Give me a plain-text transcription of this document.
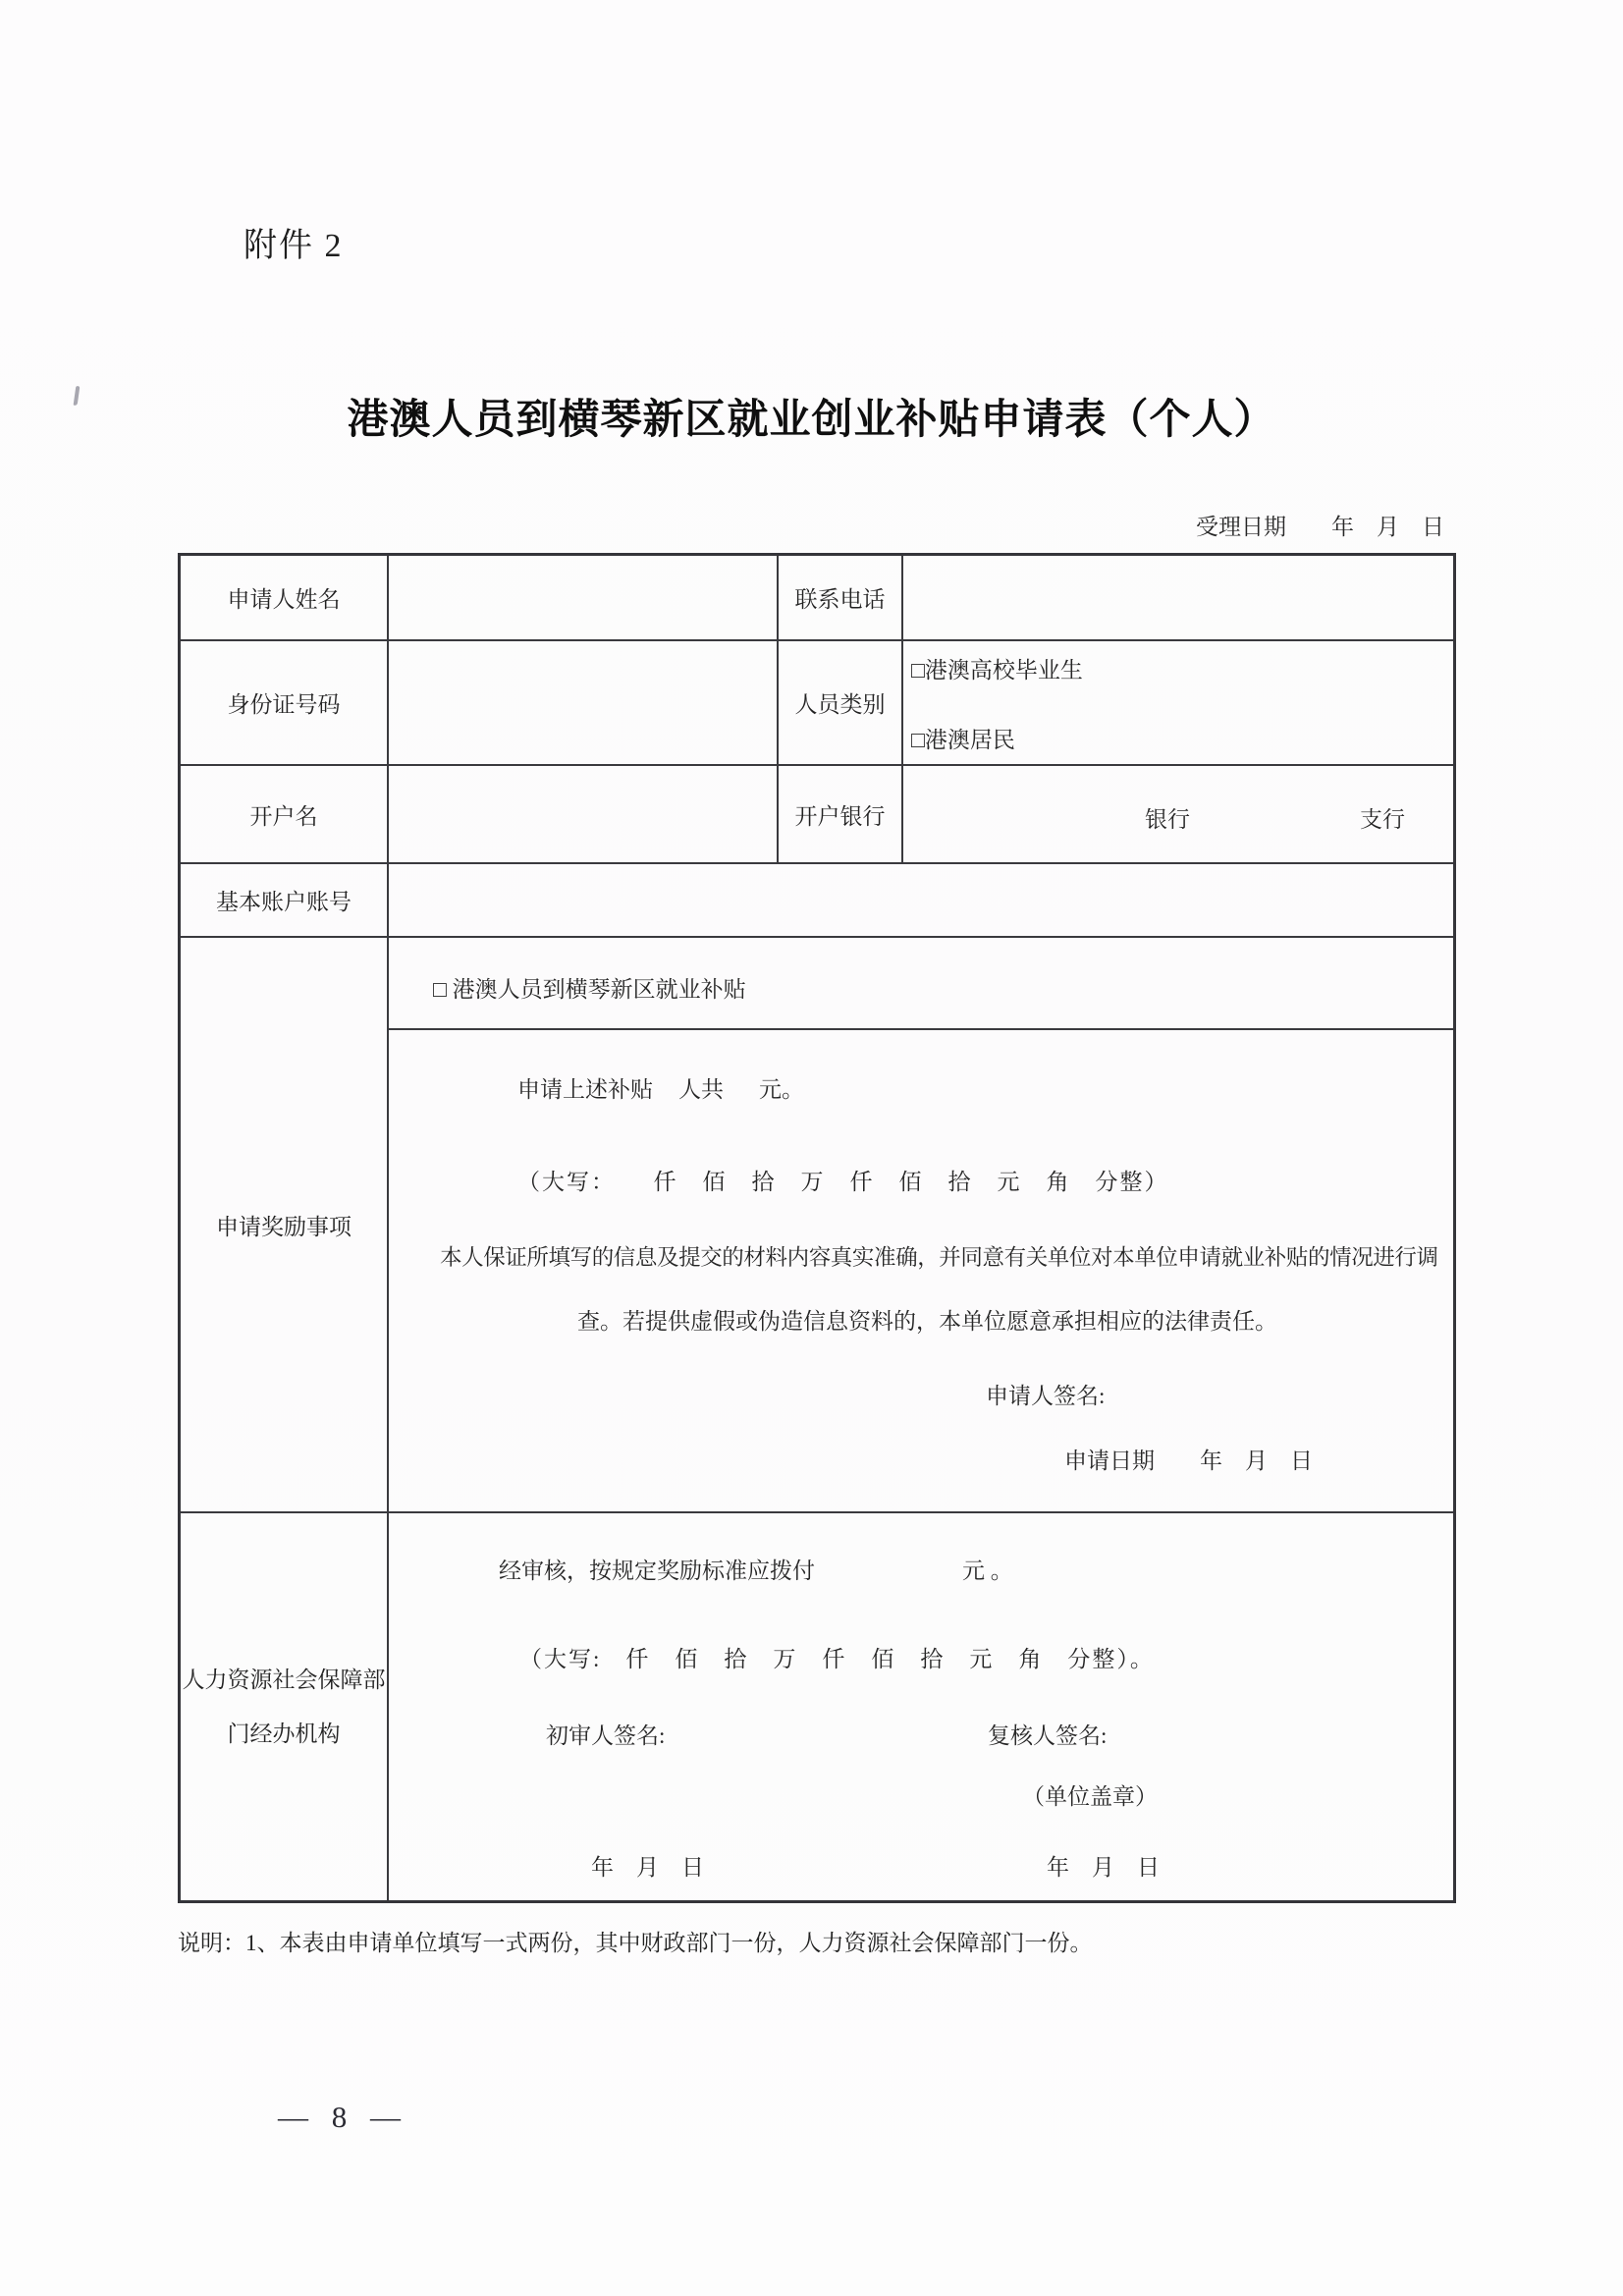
附件 2
港澳人员到横琴新区就业创业补贴申请表（个人）
受理日期　　年　月　日
申请人姓名	联系电话
身份证号码	人员类别
□港澳高校毕业生
□港澳居民
开户名	开户银行	银行	支行
基本账户账号
申请奖励事项
□ 港澳人员到横琴新区就业补贴
申请上述补贴 人共 元。
（大写：　　仟　佰　拾　万　仟　佰　拾　元　角　分整）
本人保证所填写的信息及提交的材料内容真实准确，并同意有关单位对本单位申请就业补贴的情况进行调
查。若提供虚假或伪造信息资料的，本单位愿意承担相应的法律责任。
申请人签名:
申请日期　　年　月　日
人力资源社会保障部
门经办机构
经审核，按规定奖励标准应拨付	元 。
（大写:　仟　佰　拾　万　仟　佰　拾　元　角　分整）。
初审人签名:	复核人签名:
（单位盖章）
年　月　日	年　月　日
说明：1、本表由申请单位填写一式两份，其中财政部门一份，人力资源社会保障部门一份。
— 8 —
